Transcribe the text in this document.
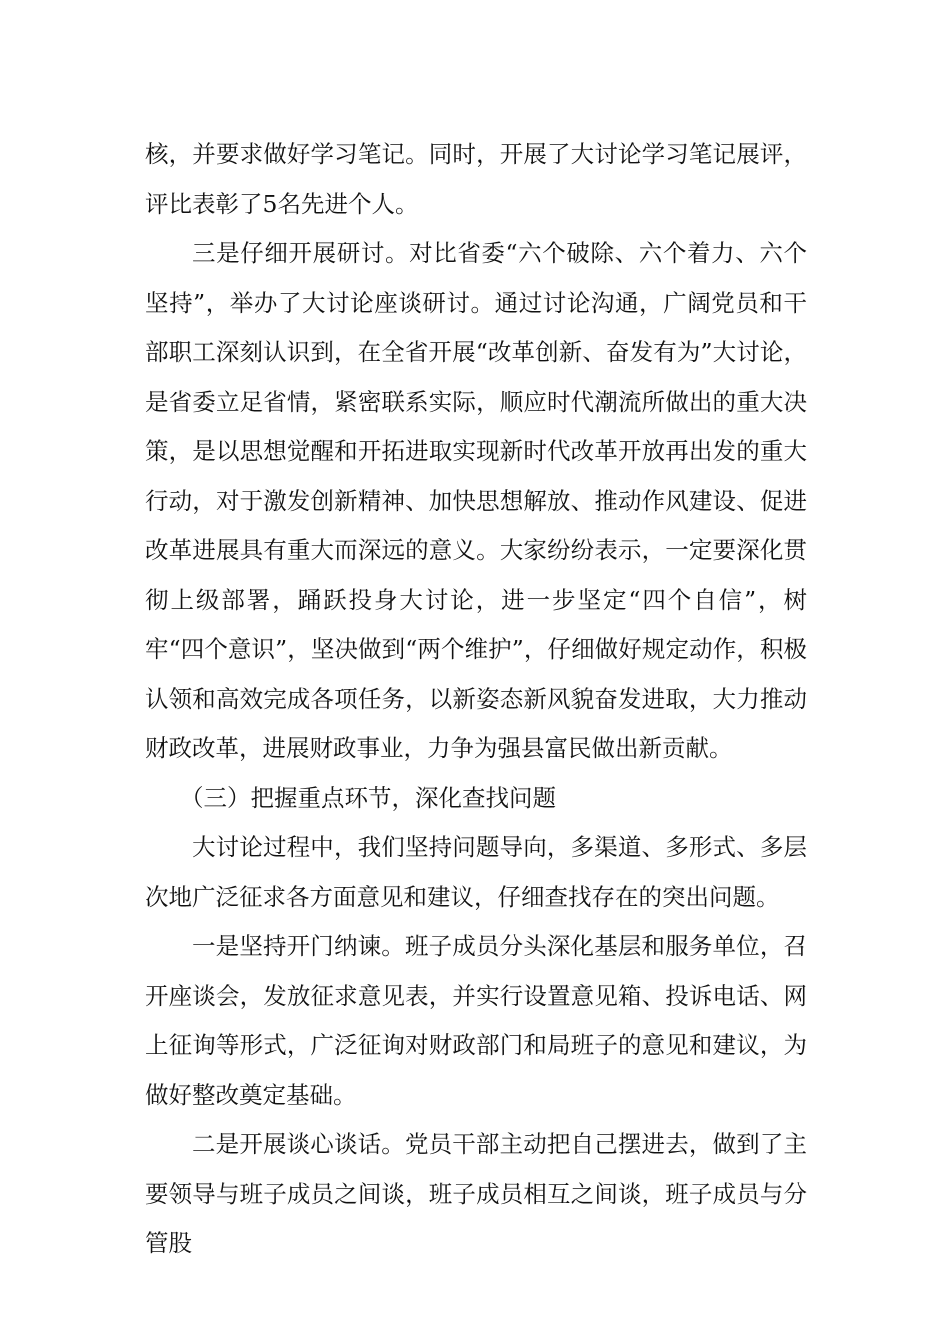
核，并要求做好学习笔记。同时，开展了大讨论学习笔记展评，评比表彰了5名先进个人。

三是仔细开展研讨。对比省委“六个破除、六个着力、六个坚持”，举办了大讨论座谈研讨。通过讨论沟通，广阔党员和干部职工深刻认识到，在全省开展“改革创新、奋发有为”大讨论，是省委立足省情，紧密联系实际，顺应时代潮流所做出的重大决策，是以思想觉醒和开拓进取实现新时代改革开放再出发的重大行动，对于激发创新精神、加快思想解放、推动作风建设、促进改革进展具有重大而深远的意义。大家纷纷表示，一定要深化贯彻上级部署，踊跃投身大讨论，进一步坚定“四个自信”，树牢“四个意识”，坚决做到“两个维护”，仔细做好规定动作，积极认领和高效完成各项任务，以新姿态新风貌奋发进取，大力推动财政改革，进展财政事业，力争为强县富民做出新贡献。

（三）把握重点环节，深化查找问题

大讨论过程中，我们坚持问题导向，多渠道、多形式、多层次地广泛征求各方面意见和建议，仔细查找存在的突出问题。

一是坚持开门纳谏。班子成员分头深化基层和服务单位，召开座谈会，发放征求意见表，并实行设置意见箱、投诉电话、网上征询等形式，广泛征询对财政部门和局班子的意见和建议，为做好整改奠定基础。

二是开展谈心谈话。党员干部主动把自己摆进去，做到了主要领导与班子成员之间谈，班子成员相互之间谈，班子成员与分管股
